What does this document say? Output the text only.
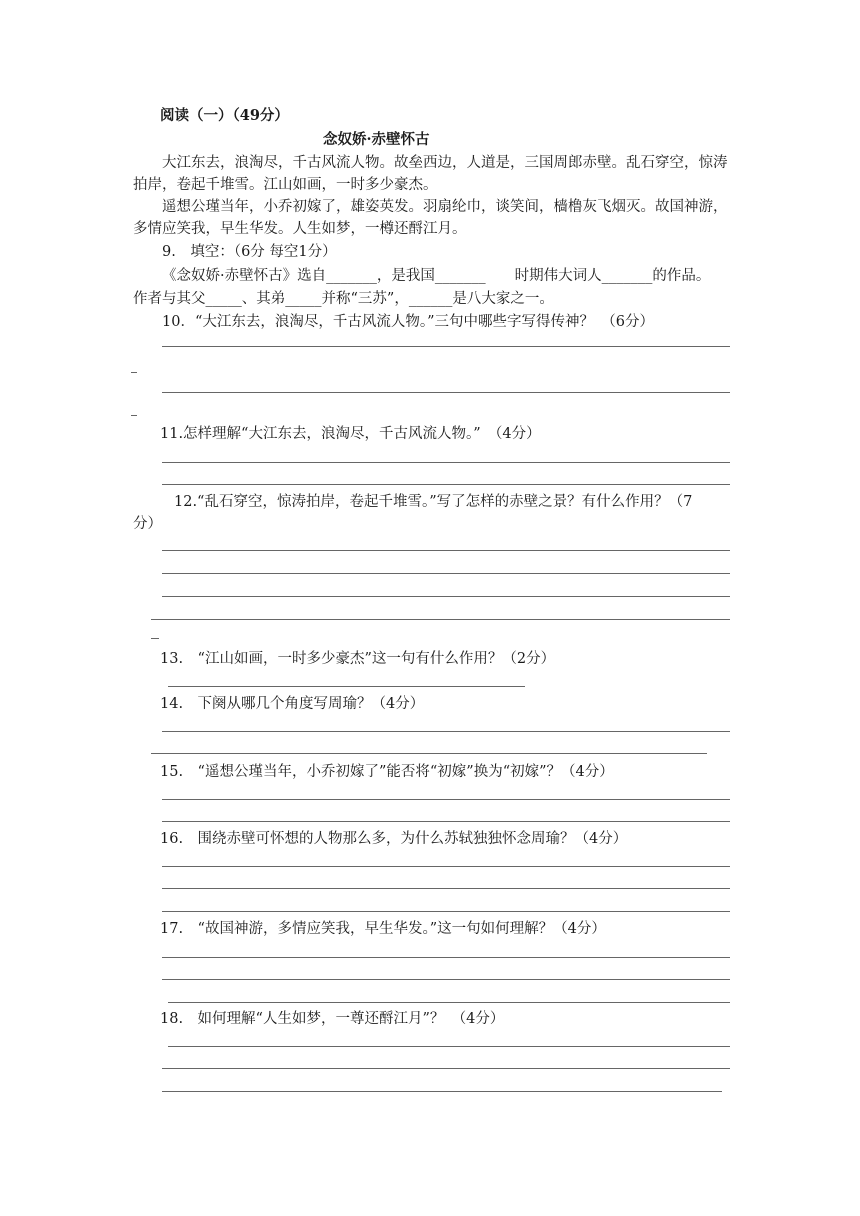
阅读（一）（49分）
念奴娇·赤壁怀古
大江东去，浪淘尽，千古风流人物。故垒西边，人道是，三国周郎赤壁。乱石穿空，惊涛拍岸，卷起千堆雪。江山如画，一时多少豪杰。
遥想公瑾当年，小乔初嫁了，雄姿英发。羽扇纶巾，谈笑间，樯橹灰飞烟灭。故国神游，多情应笑我，早生华发。人生如梦，一樽还酹江月。
9.　填空：（6分 每空1分）
《念奴娇·赤壁怀古》选自_______，是我国_______　　时期伟大词人_______的作品。
作者与其父_____、其弟_____并称“三苏”，______是八大家之一。
10．“大江东去，浪淘尽，千古风流人物。”三句中哪些字写得传神？　（6分）
11.怎样理解“大江东去，浪淘尽，千古风流人物。”　（4分）
12.“乱石穿空，惊涛拍岸，卷起千堆雪。”写了怎样的赤壁之景？有什么作用？（7
分）
13.　“江山如画，一时多少豪杰”这一句有什么作用？（2分）
14.　下阕从哪几个角度写周瑜？（4分）
15.　“遥想公瑾当年，小乔初嫁了”能否将“初嫁”换为“初嫁”？（4分）
16.　围绕赤壁可怀想的人物那么多，为什么苏轼独独怀念周瑜？（4分）
17.　“故国神游，多情应笑我，早生华发。”这一句如何理解？（4分）
18.　如何理解“人生如梦，一尊还酹江月”？　（4分）
